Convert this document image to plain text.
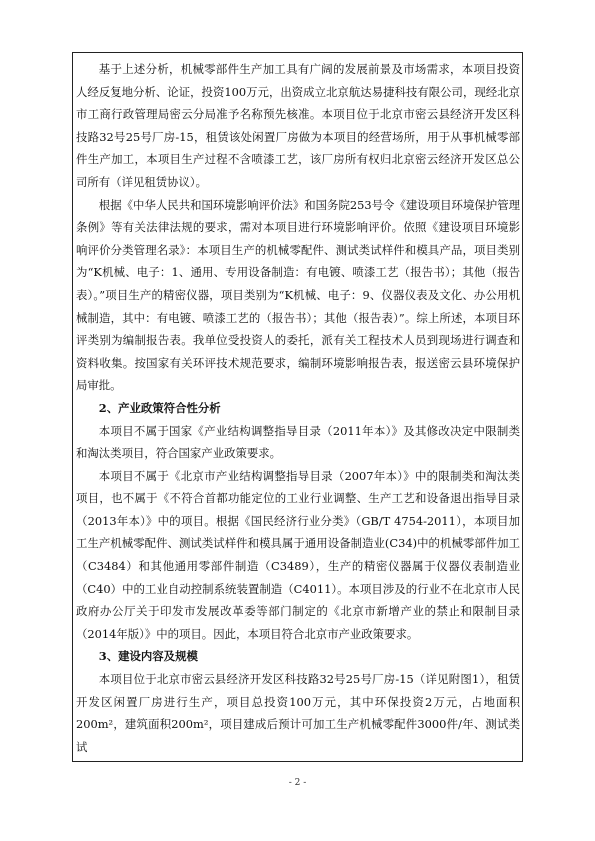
基于上述分析，机械零部件生产加工具有广阔的发展前景及市场需求，本项目投资人经反复地分析、论证，投资100万元，出资成立北京航达易捷科技有限公司，现经北京市工商行政管理局密云分局准予名称预先核准。本项目位于北京市密云县经济开发区科技路32号25号厂房-15，租赁该处闲置厂房做为本项目的经营场所，用于从事机械零部件生产加工，本项目生产过程不含喷漆工艺，该厂房所有权归北京密云经济开发区总公司所有（详见租赁协议）。

根据《中华人民共和国环境影响评价法》和国务院253号令《建设项目环境保护管理条例》等有关法律法规的要求，需对本项目进行环境影响评价。依照《建设项目环境影响评价分类管理名录》：本项目生产的机械零配件、测试类试样件和模具产品，项目类别为“K机械、电子：1、通用、专用设备制造：有电镀、喷漆工艺（报告书）；其他（报告表）。”项目生产的精密仪器，项目类别为“K机械、电子：9、仪器仪表及文化、办公用机械制造，其中：有电镀、喷漆工艺的（报告书）；其他（报告表）”。综上所述，本项目环评类别为编制报告表。我单位受投资人的委托，派有关工程技术人员到现场进行调查和资料收集。按国家有关环评技术规范要求，编制环境影响报告表，报送密云县环境保护局审批。

2、产业政策符合性分析

本项目不属于国家《产业结构调整指导目录（2011年本）》及其修改决定中限制类和淘汰类项目，符合国家产业政策要求。

本项目不属于《北京市产业结构调整指导目录（2007年本）》中的限制类和淘汰类项目，也不属于《不符合首都功能定位的工业行业调整、生产工艺和设备退出指导目录（2013年本）》中的项目。根据《国民经济行业分类》（GB/T 4754-2011），本项目加工生产机械零配件、测试类试样件和模具属于通用设备制造业(C34)中的机械零部件加工（C3484）和其他通用零部件制造（C3489），生产的精密仪器属于仪器仪表制造业（C40）中的工业自动控制系统装置制造（C4011）。本项目涉及的行业不在北京市人民政府办公厅关于印发市发展改革委等部门制定的《北京市新增产业的禁止和限制目录（2014年版）》中的项目。因此，本项目符合北京市产业政策要求。

3、建设内容及规模

本项目位于北京市密云县经济开发区科技路32号25号厂房-15（详见附图1），租赁开发区闲置厂房进行生产，项目总投资100万元，其中环保投资2万元，占地面积200m²，建筑面积200m²，项目建成后预计可加工生产机械零配件3000件/年、测试类试

- 2 -
